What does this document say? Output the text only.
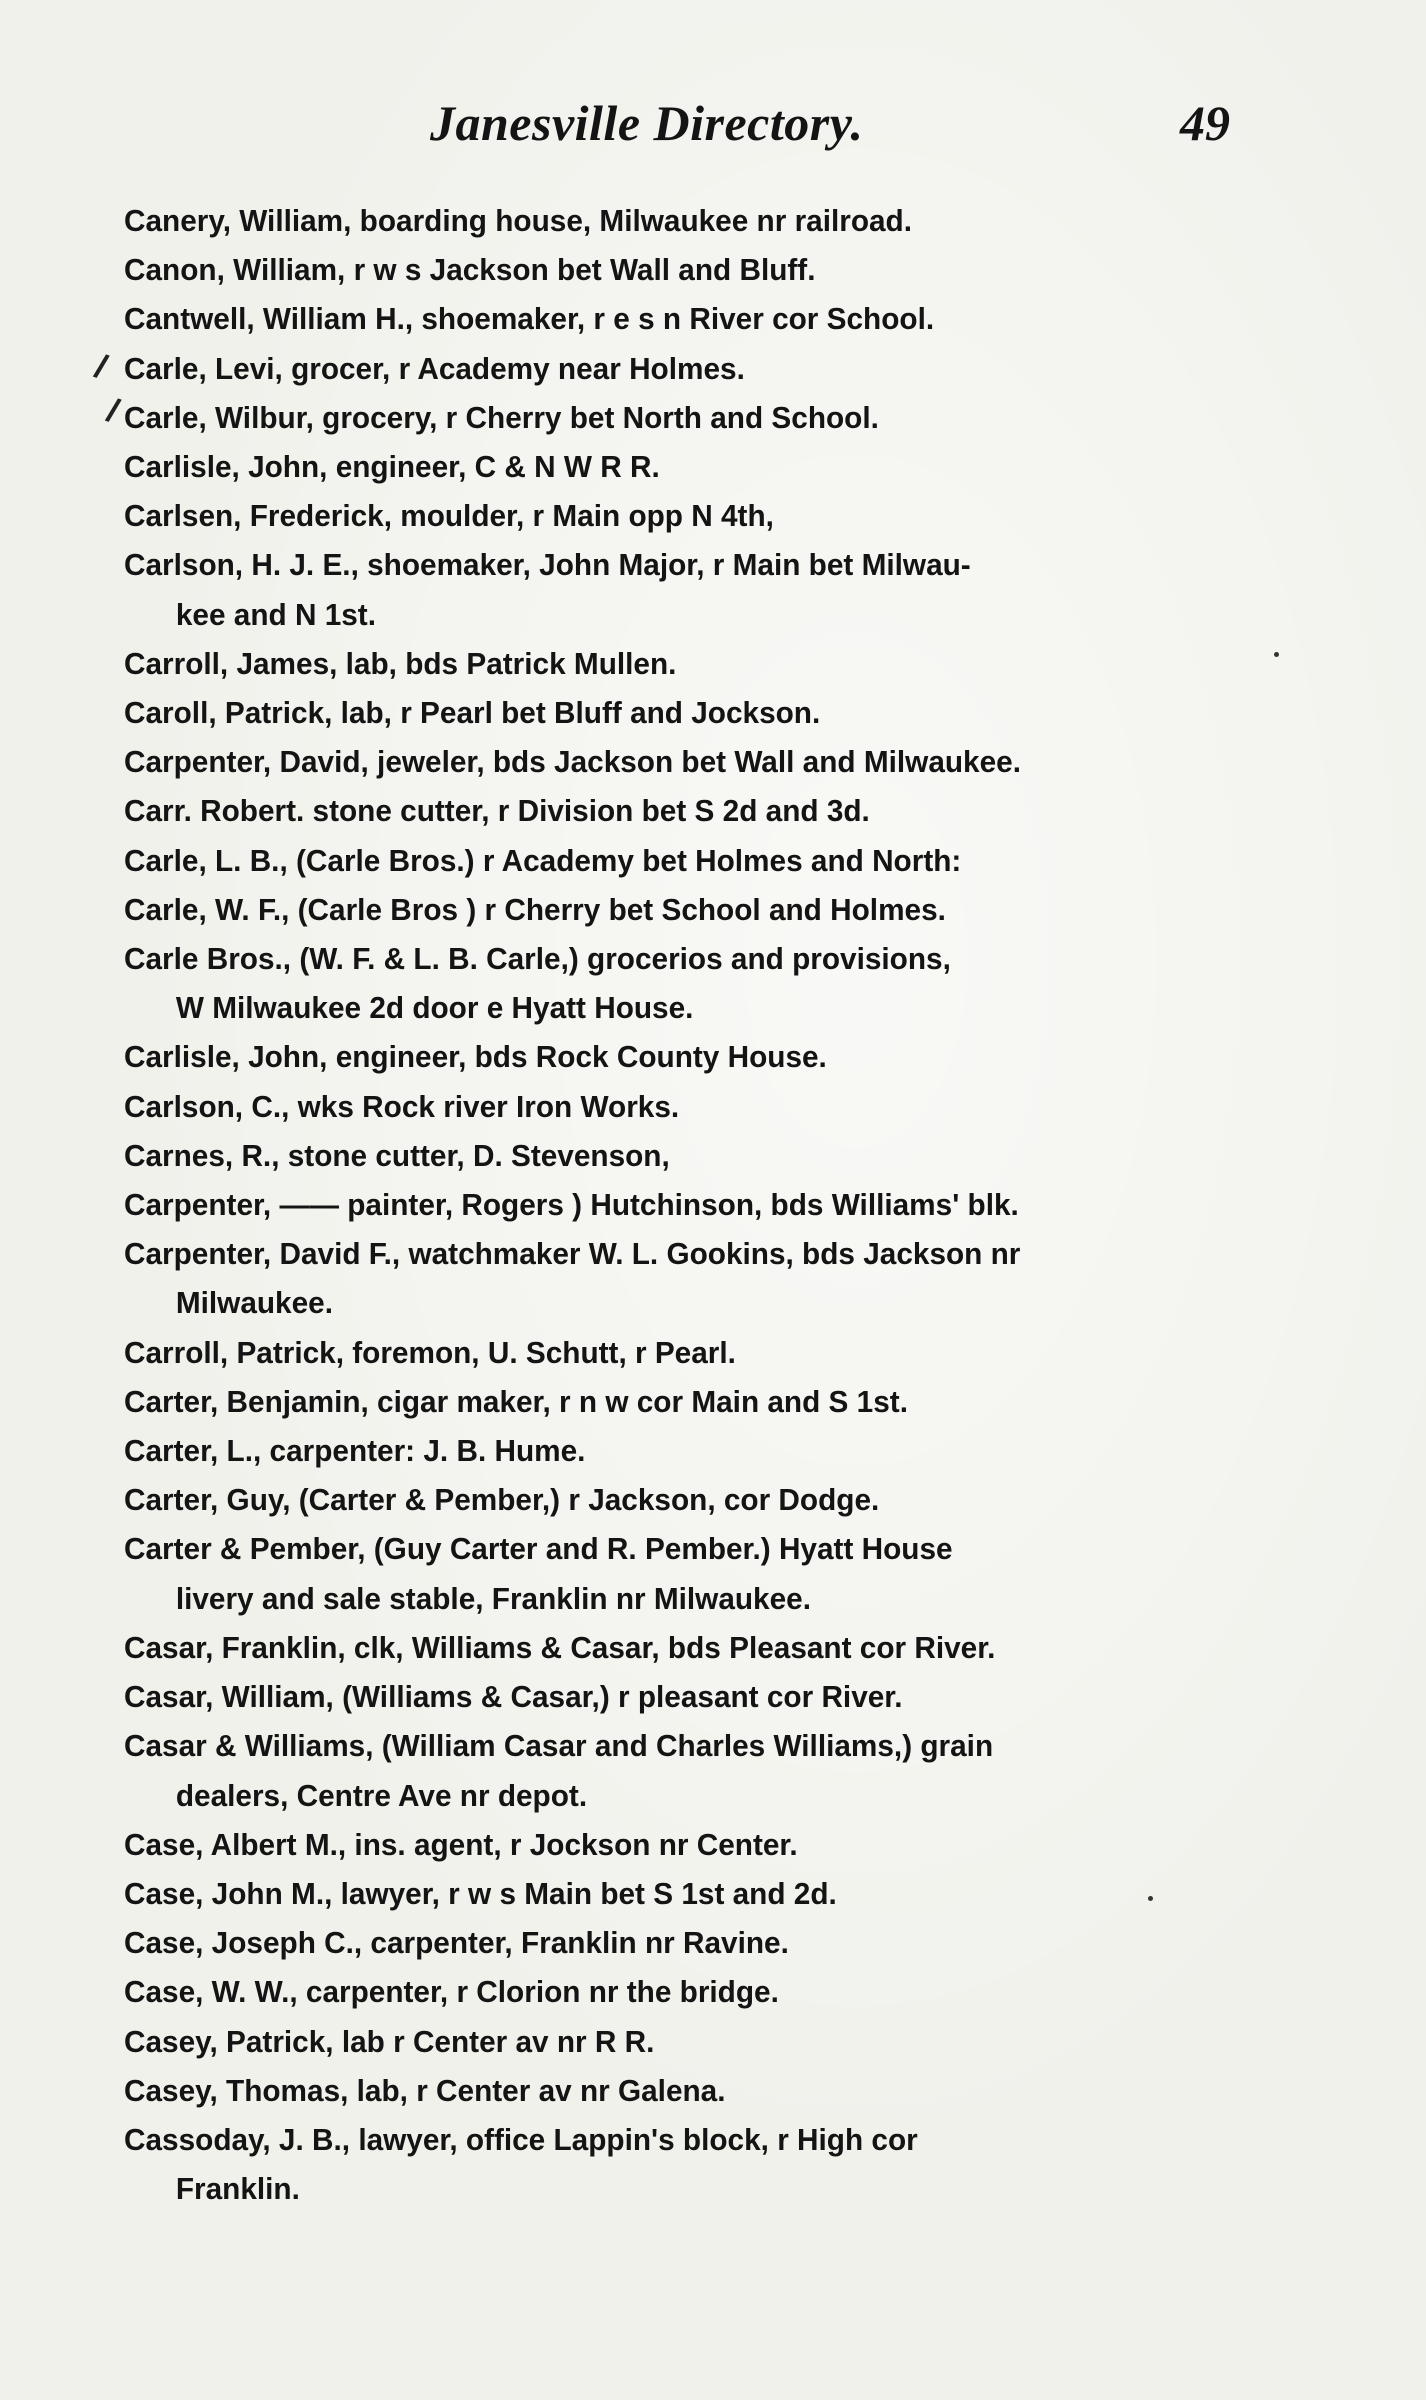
Janesville Directory.	49
/
/
Canery, William, boarding house, Milwaukee nr railroad.
Canon, William, r w s Jackson bet Wall and Bluff.
Cantwell, William H., shoemaker, r e s n River cor School.
Carle, Levi, grocer, r Academy near Holmes.
Carle, Wilbur, grocery, r Cherry bet North and School.
Carlisle, John, engineer, C & N W R R.
Carlsen, Frederick, moulder, r Main opp N 4th,
Carlson, H. J. E., shoemaker, John Major, r Main bet Milwau-
kee and N 1st.
Carroll, James, lab, bds Patrick Mullen.
Caroll, Patrick, lab, r Pearl bet Bluff and Jockson.
Carpenter, David, jeweler, bds Jackson bet Wall and Milwaukee.
Carr. Robert. stone cutter, r Division bet S 2d and 3d.
Carle, L. B., (Carle Bros.) r Academy bet Holmes and North:
Carle, W. F., (Carle Bros ) r Cherry bet School and Holmes.
Carle Bros., (W. F. & L. B. Carle,) grocerios and provisions,
W Milwaukee 2d door e Hyatt House.
Carlisle, John, engineer, bds Rock County House.
Carlson, C., wks Rock river Iron Works.
Carnes, R., stone cutter, D. Stevenson,
Carpenter, —— painter, Rogers ) Hutchinson, bds Williams' blk.
Carpenter, David F., watchmaker W. L. Gookins, bds Jackson nr
Milwaukee.
Carroll, Patrick, foremon, U. Schutt, r Pearl.
Carter, Benjamin, cigar maker, r n w cor Main and S 1st.
Carter, L., carpenter: J. B. Hume.
Carter, Guy, (Carter & Pember,) r Jackson, cor Dodge.
Carter & Pember, (Guy Carter and R. Pember.) Hyatt House
livery and sale stable, Franklin nr Milwaukee.
Casar, Franklin, clk, Williams & Casar, bds Pleasant cor River.
Casar, William, (Williams & Casar,) r pleasant cor River.
Casar & Williams, (William Casar and Charles Williams,) grain
dealers, Centre Ave nr depot.
Case, Albert M., ins. agent, r Jockson nr Center.
Case, John M., lawyer, r w s Main bet S 1st and 2d.
Case, Joseph C., carpenter, Franklin nr Ravine.
Case, W. W., carpenter, r Clorion nr the bridge.
Casey, Patrick, lab r Center av nr R R.
Casey, Thomas, lab, r Center av nr Galena.
Cassoday, J. B., lawyer, office Lappin's block, r High cor
Franklin.
